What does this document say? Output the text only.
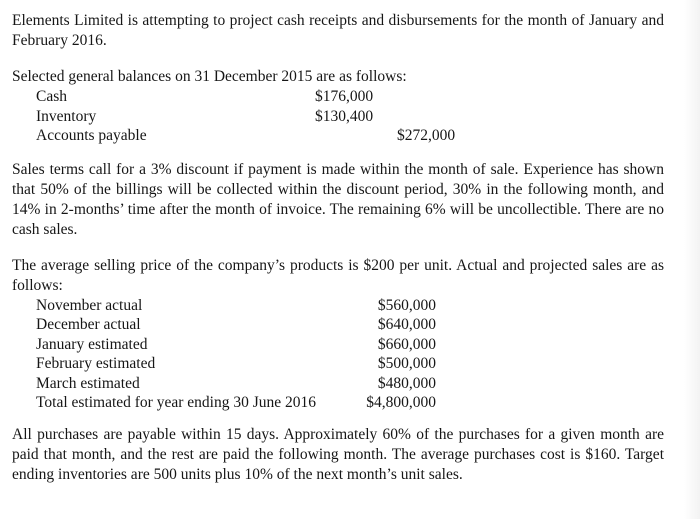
Elements Limited is attempting to project cash receipts and disbursements for the month of January and February 2016.

Selected general balances on 31 December 2015 are as follows:

Cash	$176,000
Inventory	$130,400
Accounts payable	$272,000

Sales terms call for a 3% discount if payment is made within the month of sale. Experience has shown that 50% of the billings will be collected within the discount period, 30% in the following month, and 14% in 2-months’ time after the month of invoice. The remaining 6% will be uncollectible. There are no cash sales.

The average selling price of the company’s products is $200 per unit. Actual and projected sales are as follows:

November actual	$560,000
December actual	$640,000
January estimated	$660,000
February estimated	$500,000
March estimated	$480,000
Total estimated for year ending 30 June 2016	$4,800,000

All purchases are payable within 15 days. Approximately 60% of the purchases for a given month are paid that month, and the rest are paid the following month. The average purchases cost is $160. Target ending inventories are 500 units plus 10% of the next month’s unit sales.
